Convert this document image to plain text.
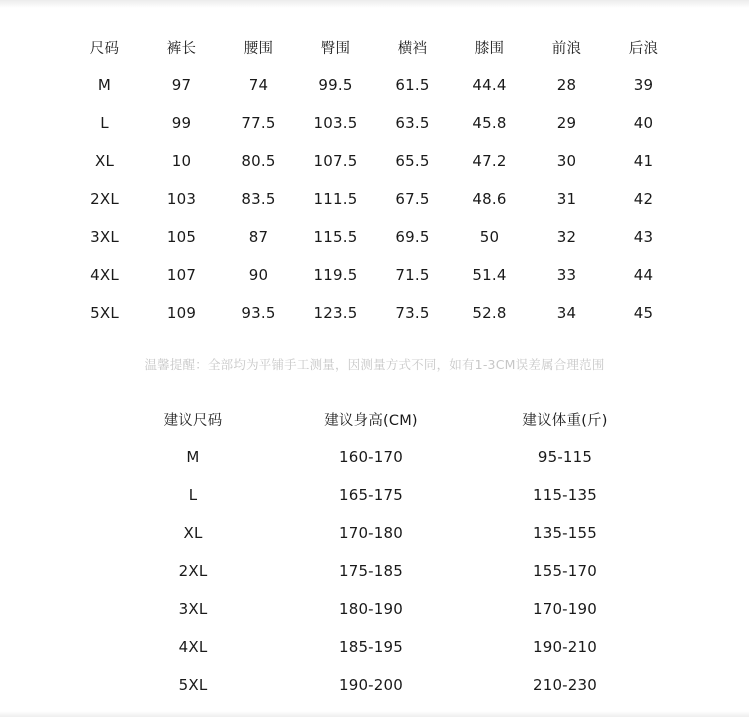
尺码	裤长	腰围	臀围	横裆	膝围	前浪	后浪
M	97	74	99.5	61.5	44.4	28	39
L	99	77.5	103.5	63.5	45.8	29	40
XL	10	80.5	107.5	65.5	47.2	30	41
2XL	103	83.5	111.5	67.5	48.6	31	42
3XL	105	87	115.5	69.5	50	32	43
4XL	107	90	119.5	71.5	51.4	33	44
5XL	109	93.5	123.5	73.5	52.8	34	45
温馨提醒：全部均为平铺手工测量，因测量方式不同，如有1-3CM误差属合理范围
建议尺码	建议身高(CM)	建议体重(斤)
M	160-170	95-115
L	165-175	115-135
XL	170-180	135-155
2XL	175-185	155-170
3XL	180-190	170-190
4XL	185-195	190-210
5XL	190-200	210-230
